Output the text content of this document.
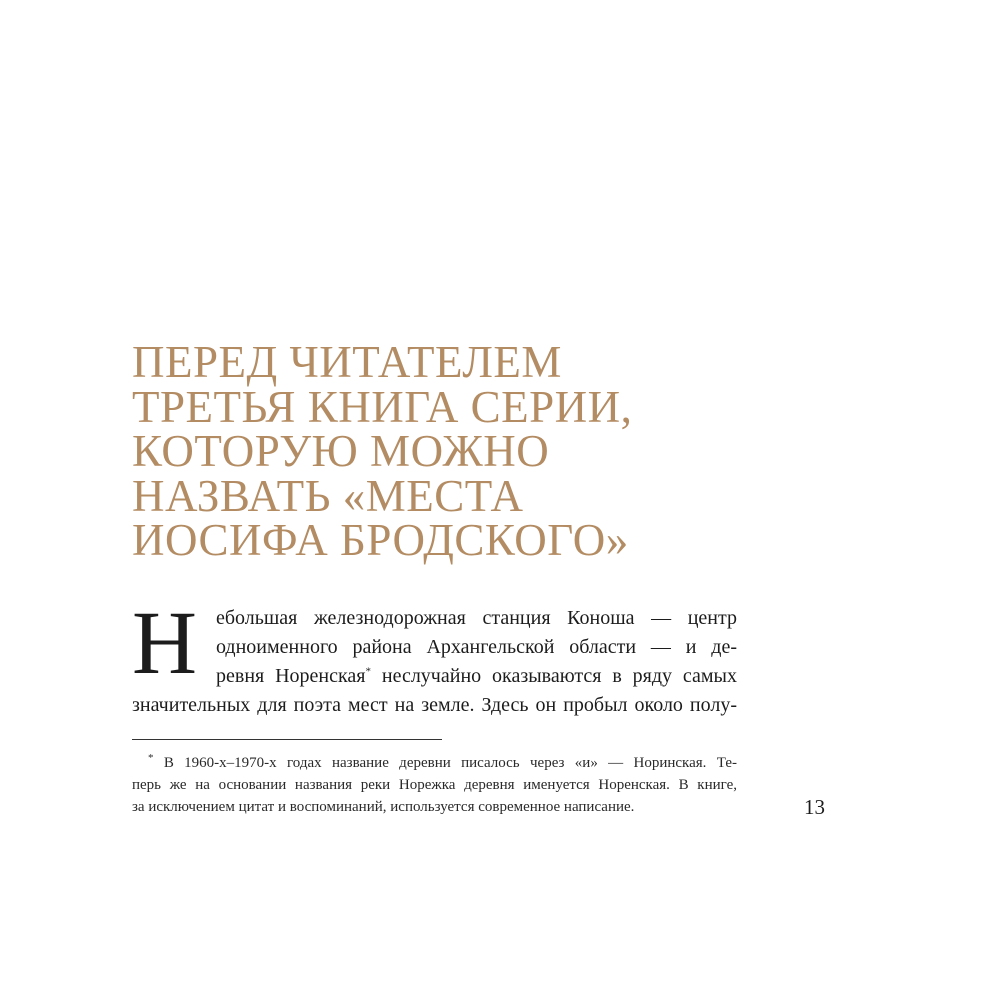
ПЕРЕД ЧИТАТЕЛЕМ
ТРЕТЬЯ КНИГА СЕРИИ,
КОТОРУЮ МОЖНО
НАЗВАТЬ «МЕСТА
ИОСИФА БРОДСКОГО»
Н ебольшая железнодорожная станция Коноша — центр
одноименного района Архангельской области — и де-
ревня Норенская* неслучайно оказываются в ряду самых
значительных для поэта мест на земле. Здесь он пробыл около полу-
* В 1960-х–1970-х годах название деревни писалось через «и» — Норинская. Те-
перь же на основании названия реки Норежка деревня именуется Норенская. В книге,
за исключением цитат и воспоминаний, используется современное написание.	13
